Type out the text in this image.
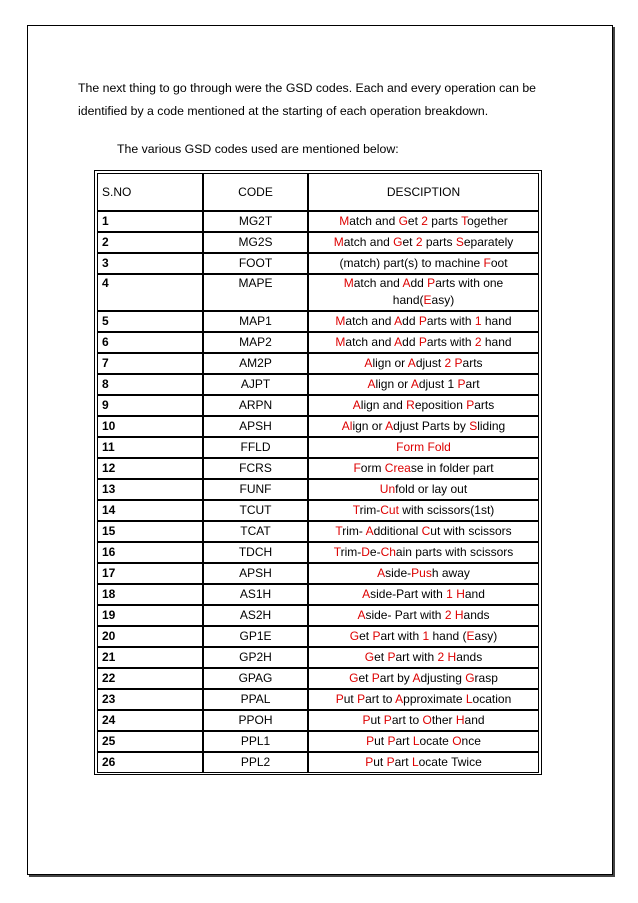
The next thing to go through were the GSD codes. Each and every operation can be

identified by a code mentioned at the starting of each operation breakdown.

The various GSD codes used are mentioned below:
S.NO	CODE	DESCIPTION
1	MG2T	Match and Get 2 parts Together
2	MG2S	Match and Get 2 parts Separately
3	FOOT	(match) part(s) to machine Foot
4	MAPE	Match and Add Parts with one hand(Easy)
5	MAP1	Match and Add Parts with 1 hand
6	MAP2	Match and Add Parts with 2 hand
7	AM2P	Align or Adjust 2 Parts
8	AJPT	Align or Adjust 1 Part
9	ARPN	Align and Reposition Parts
10	APSH	Align or Adjust Parts by Sliding
11	FFLD	Form Fold
12	FCRS	Form Crease in folder part
13	FUNF	Unfold or lay out
14	TCUT	Trim-Cut with scissors(1st)
15	TCAT	Trim- Additional Cut with scissors
16	TDCH	Trim-De-Chain parts with scissors
17	APSH	Aside-Push away
18	AS1H	Aside-Part with 1 Hand
19	AS2H	Aside- Part with 2 Hands
20	GP1E	Get Part with 1 hand (Easy)
21	GP2H	Get Part with 2 Hands
22	GPAG	Get Part by Adjusting Grasp
23	PPAL	Put Part to Approximate Location
24	PPOH	Put Part to Other Hand
25	PPL1	Put Part Locate Once
26	PPL2	Put Part Locate Twice
